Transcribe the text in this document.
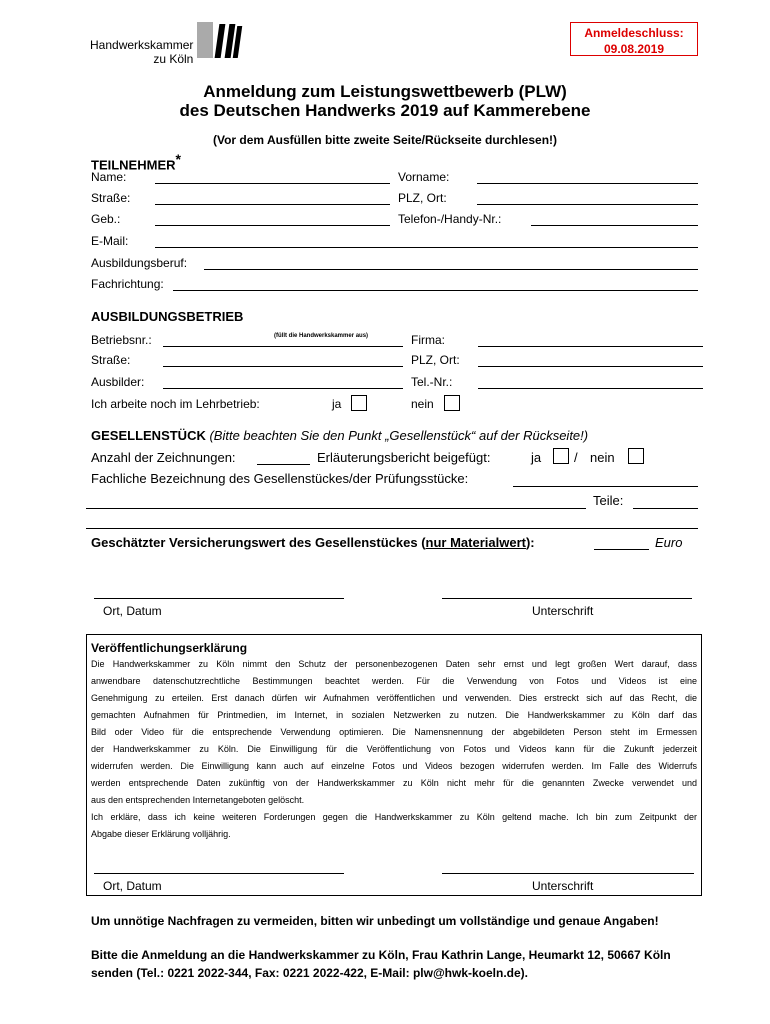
Anmeldeschluss:
09.08.2019
Handwerkskammer
zu Köln
Anmeldung zum Leistungswettbewerb (PLW)
des Deutschen Handwerks 2019 auf Kammerebene
(Vor dem Ausfüllen bitte zweite Seite/Rückseite durchlesen!)
TEILNEHMER*
Name:	Vorname:
Straße:	PLZ, Ort:
Geb.:	Telefon-/Handy-Nr.:
E-Mail:
Ausbildungsberuf:
Fachrichtung:
AUSBILDUNGSBETRIEB
Betriebsnr.:	(füllt die Handwerkskammer aus)	Firma:
Straße:	PLZ, Ort:
Ausbilder:	Tel.-Nr.:
Ich arbeite noch im Lehrbetrieb:	ja	nein
GESELLENSTÜCK (Bitte beachten Sie den Punkt „Gesellenstück“ auf der Rückseite!)
Anzahl der Zeichnungen:	Erläuterungsbericht beigefügt:	ja	/ nein
Fachliche Bezeichnung des Gesellenstückes/der Prüfungsstücke:
Teile:
Geschätzter Versicherungswert des Gesellenstückes (nur Materialwert):	Euro
Ort, Datum	Unterschrift
Veröffentlichungserklärung
Die Handwerkskammer zu Köln nimmt den Schutz der personenbezogenen Daten sehr ernst und legt großen Wert darauf, dass
anwendbare datenschutzrechtliche Bestimmungen beachtet werden. Für die Verwendung von Fotos und Videos ist eine
Genehmigung zu erteilen. Erst danach dürfen wir Aufnahmen veröffentlichen und verwenden. Dies erstreckt sich auf das Recht, die
gemachten Aufnahmen für Printmedien, im Internet, in sozialen Netzwerken zu nutzen. Die Handwerkskammer zu Köln darf das
Bild oder Video für die entsprechende Verwendung optimieren. Die Namensnennung der abgebildeten Person steht im Ermessen
der Handwerkskammer zu Köln. Die Einwilligung für die Veröffentlichung von Fotos und Videos kann für die Zukunft jederzeit
widerrufen werden. Die Einwilligung kann auch auf einzelne Fotos und Videos bezogen widerrufen werden. Im Falle des Widerrufs
werden entsprechende Daten zukünftig von der Handwerkskammer zu Köln nicht mehr für die genannten Zwecke verwendet und
aus den entsprechenden Internetangeboten gelöscht.
Ich erkläre, dass ich keine weiteren Forderungen gegen die Handwerkskammer zu Köln geltend mache. Ich bin zum Zeitpunkt der
Abgabe dieser Erklärung volljährig.
Ort, Datum	Unterschrift
Um unnötige Nachfragen zu vermeiden, bitten wir unbedingt um vollständige und genaue Angaben!
Bitte die Anmeldung an die Handwerkskammer zu Köln, Frau Kathrin Lange, Heumarkt 12, 50667 Köln
senden (Tel.: 0221 2022-344, Fax: 0221 2022-422, E-Mail: plw@hwk-koeln.de).
